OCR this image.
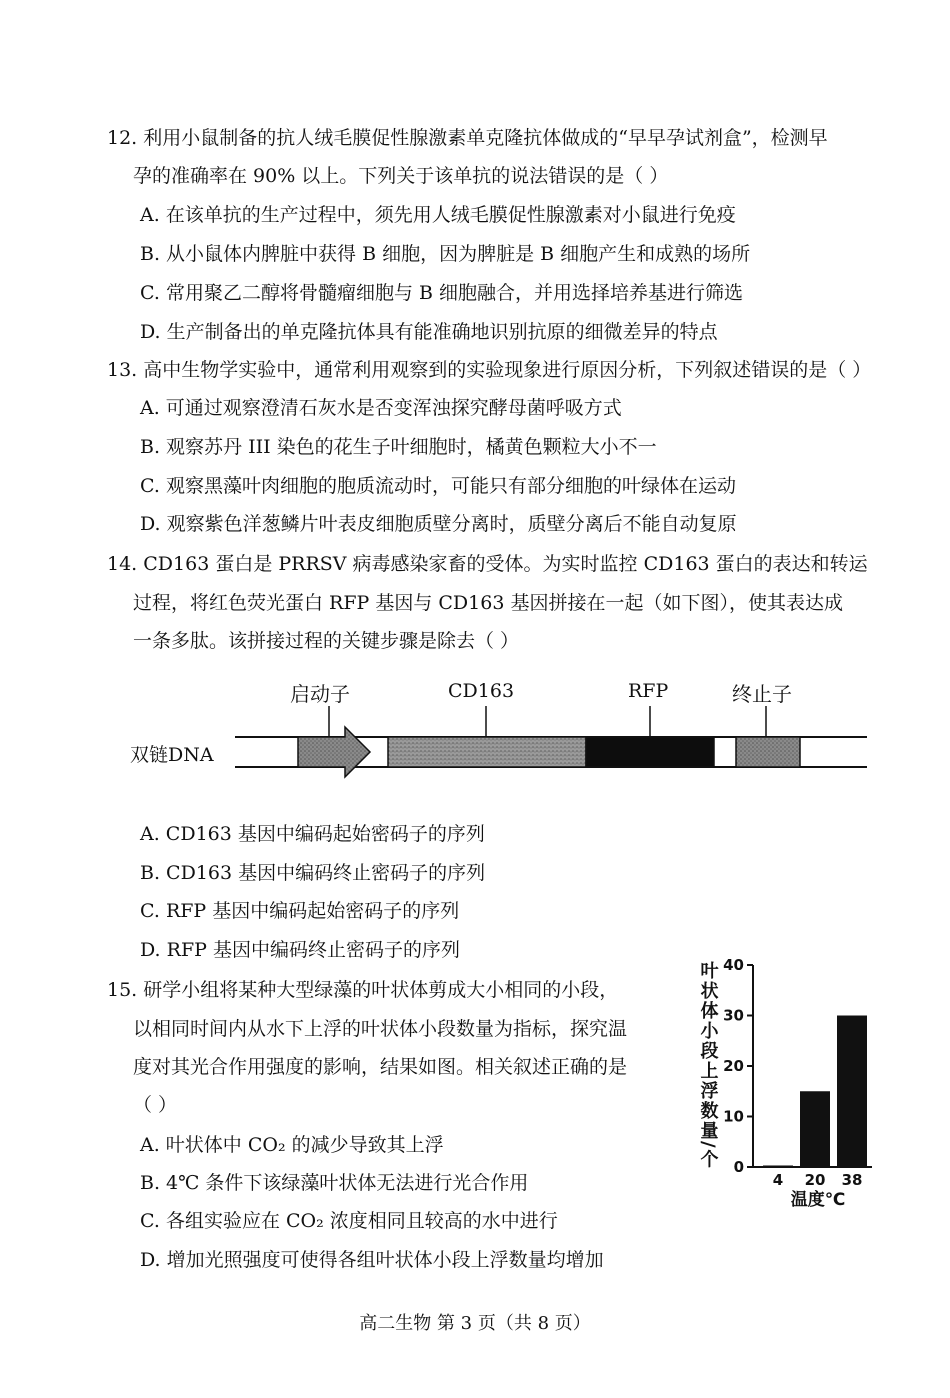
12. 利用小鼠制备的抗人绒毛膜促性腺激素单克隆抗体做成的“早早孕试剂盒”，检测早
孕的准确率在 90% 以上。下列关于该单抗的说法错误的是（ ）
A. 在该单抗的生产过程中，须先用人绒毛膜促性腺激素对小鼠进行免疫
B. 从小鼠体内脾脏中获得 B 细胞，因为脾脏是 B 细胞产生和成熟的场所
C. 常用聚乙二醇将骨髓瘤细胞与 B 细胞融合，并用选择培养基进行筛选
D. 生产制备出的单克隆抗体具有能准确地识别抗原的细微差异的特点
13. 高中生物学实验中，通常利用观察到的实验现象进行原因分析，下列叙述错误的是（ ）
A. 可通过观察澄清石灰水是否变浑浊探究酵母菌呼吸方式
B. 观察苏丹 III 染色的花生子叶细胞时，橘黄色颗粒大小不一
C. 观察黑藻叶肉细胞的胞质流动时，可能只有部分细胞的叶绿体在运动
D. 观察紫色洋葱鳞片叶表皮细胞质壁分离时，质壁分离后不能自动复原
14. CD163 蛋白是 PRRSV 病毒感染家畜的受体。为实时监控 CD163 蛋白的表达和转运
过程，将红色荧光蛋白 RFP 基因与 CD163 基因拼接在一起（如下图），使其表达成
一条多肽。该拼接过程的关键步骤是除去（ ）
启动子	CD163	RFP	终止子
双链DNA
A. CD163 基因中编码起始密码子的序列
B. CD163 基因中编码终止密码子的序列
C. RFP 基因中编码起始密码子的序列
D. RFP 基因中编码终止密码子的序列
15. 研学小组将某种大型绿藻的叶状体剪成大小相同的小段，
以相同时间内从水下上浮的叶状体小段数量为指标，探究温
度对其光合作用强度的影响，结果如图。相关叙述正确的是
（ ）
A. 叶状体中 CO₂ 的减少导致其上浮
B. 4℃ 条件下该绿藻叶状体无法进行光合作用
C. 各组实验应在 CO₂ 浓度相同且较高的水中进行
D. 增加光照强度可使得各组叶状体小段上浮数量均增加
0
10
20
30
40
叶状体小段上浮数量/个
4 20 38
温度℃
高二生物 第 3 页（共 8 页）
